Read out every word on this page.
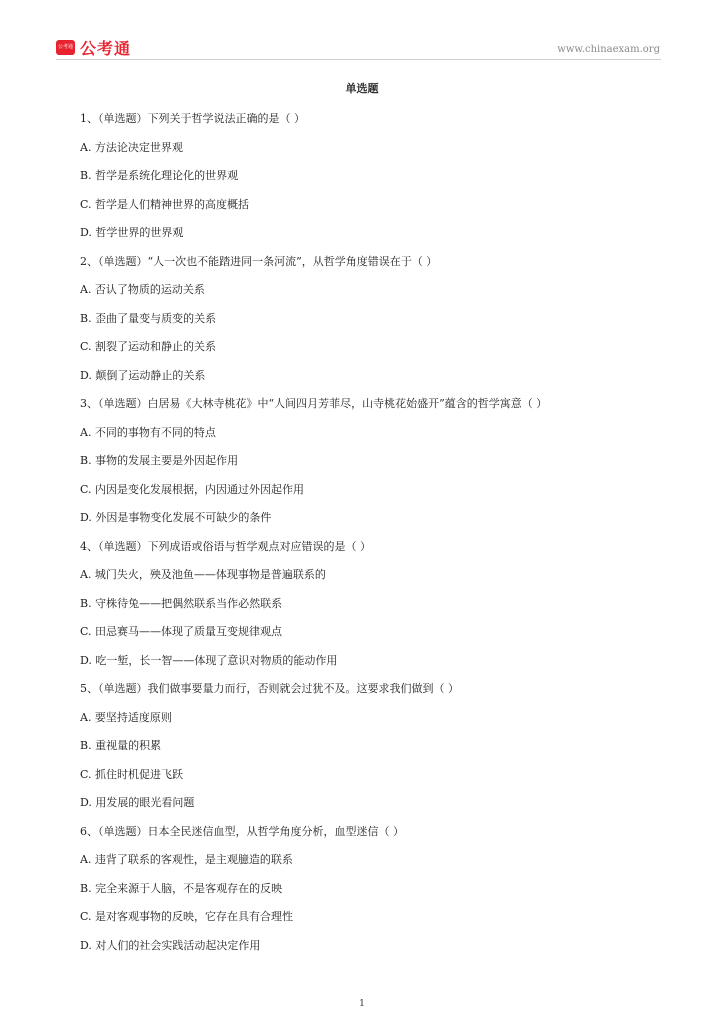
公考通 公考通	www.chinaexam.org
单选题
1、（单选题）下列关于哲学说法正确的是（ ）
A. 方法论决定世界观
B. 哲学是系统化理论化的世界观
C. 哲学是人们精神世界的高度概括
D. 哲学世界的世界观
2、（单选题）“人一次也不能踏进同一条河流”，从哲学角度错误在于（ ）
A. 否认了物质的运动关系
B. 歪曲了量变与质变的关系
C. 割裂了运动和静止的关系
D. 颠倒了运动静止的关系
3、（单选题）白居易《大林寺桃花》中“人间四月芳菲尽，山寺桃花始盛开”蕴含的哲学寓意（ ）
A. 不同的事物有不同的特点
B. 事物的发展主要是外因起作用
C. 内因是变化发展根据，内因通过外因起作用
D. 外因是事物变化发展不可缺少的条件
4、（单选题）下列成语或俗语与哲学观点对应错误的是（ ）
A. 城门失火，殃及池鱼——体现事物是普遍联系的
B. 守株待兔——把偶然联系当作必然联系
C. 田忌赛马——体现了质量互变规律观点
D. 吃一堑，长一智——体现了意识对物质的能动作用
5、（单选题）我们做事要量力而行，否则就会过犹不及。这要求我们做到（ ）
A. 要坚持适度原则
B. 重视量的积累
C. 抓住时机促进飞跃
D. 用发展的眼光看问题
6、（单选题）日本全民迷信血型，从哲学角度分析，血型迷信（ ）
A. 违背了联系的客观性，是主观臆造的联系
B. 完全来源于人脑，不是客观存在的反映
C. 是对客观事物的反映，它存在具有合理性
D. 对人们的社会实践活动起决定作用
1
